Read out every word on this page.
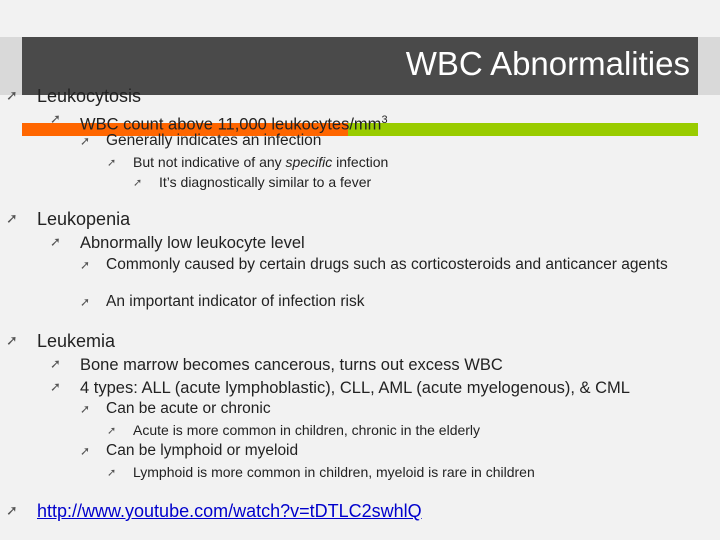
WBC Abnormalities
➚	Leukocytosis
➚	WBC count above 11,000 leukocytes/$mm^3$
➚	Generally indicates an infection
➚	But not indicative of any specific infection
➚	It’s diagnostically similar to a fever
➚	Leukopenia
➚	Abnormally low leukocyte level
➚	Commonly caused by certain drugs such as corticosteroids and anticancer agents
➚	An important indicator of infection risk
➚	Leukemia
➚	Bone marrow becomes cancerous, turns out excess WBC
➚	4 types: ALL (acute lymphoblastic), CLL, AML (acute myelogenous), & CML
➚	Can be acute or chronic
➚	Acute is more common in children, chronic in the elderly
➚	Can be lymphoid or myeloid
➚	Lymphoid is more common in children, myeloid is rare in children
➚	http://www.youtube.com/watch?v=tDTLC2swhlQ
